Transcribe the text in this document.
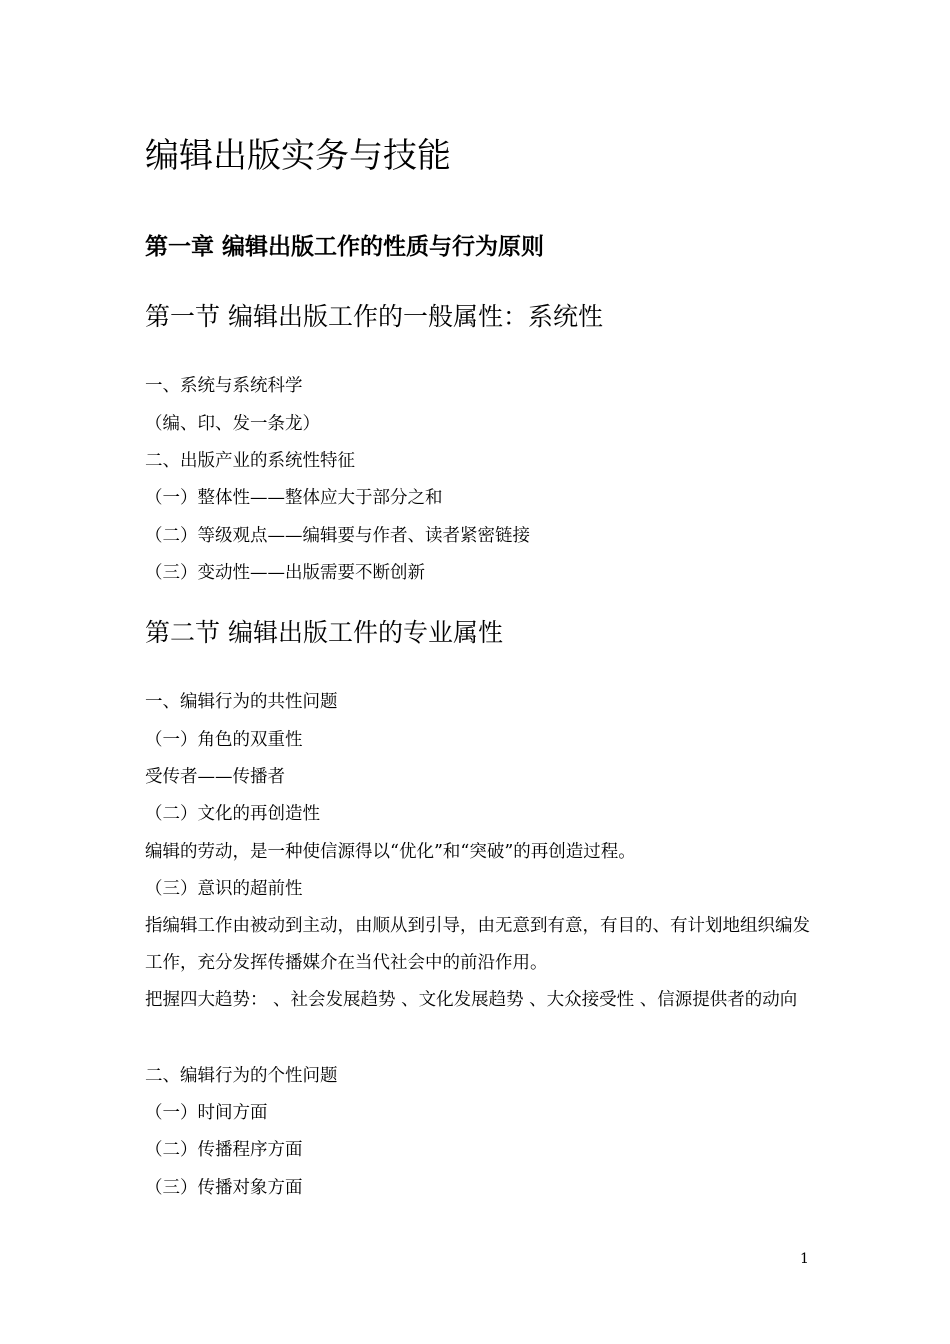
编辑出版实务与技能
第一章 编辑出版工作的性质与行为原则
第一节 编辑出版工作的一般属性：系统性
一、系统与系统科学
（编、印、发一条龙）
二、出版产业的系统性特征
（一）整体性——整体应大于部分之和
（二）等级观点——编辑要与作者、读者紧密链接
（三）变动性——出版需要不断创新
第二节 编辑出版工件的专业属性
一、编辑行为的共性问题
（一）角色的双重性
受传者——传播者
（二）文化的再创造性
编辑的劳动，是一种使信源得以“优化”和“突破”的再创造过程。
（三）意识的超前性
指编辑工作由被动到主动，由顺从到引导，由无意到有意，有目的、有计划地组织编发工作，充分发挥传播媒介在当代社会中的前沿作用。
把握四大趋势： 、社会发展趋势 、文化发展趋势 、大众接受性 、信源提供者的动向
二、编辑行为的个性问题
（一）时间方面
（二）传播程序方面
（三）传播对象方面
1
